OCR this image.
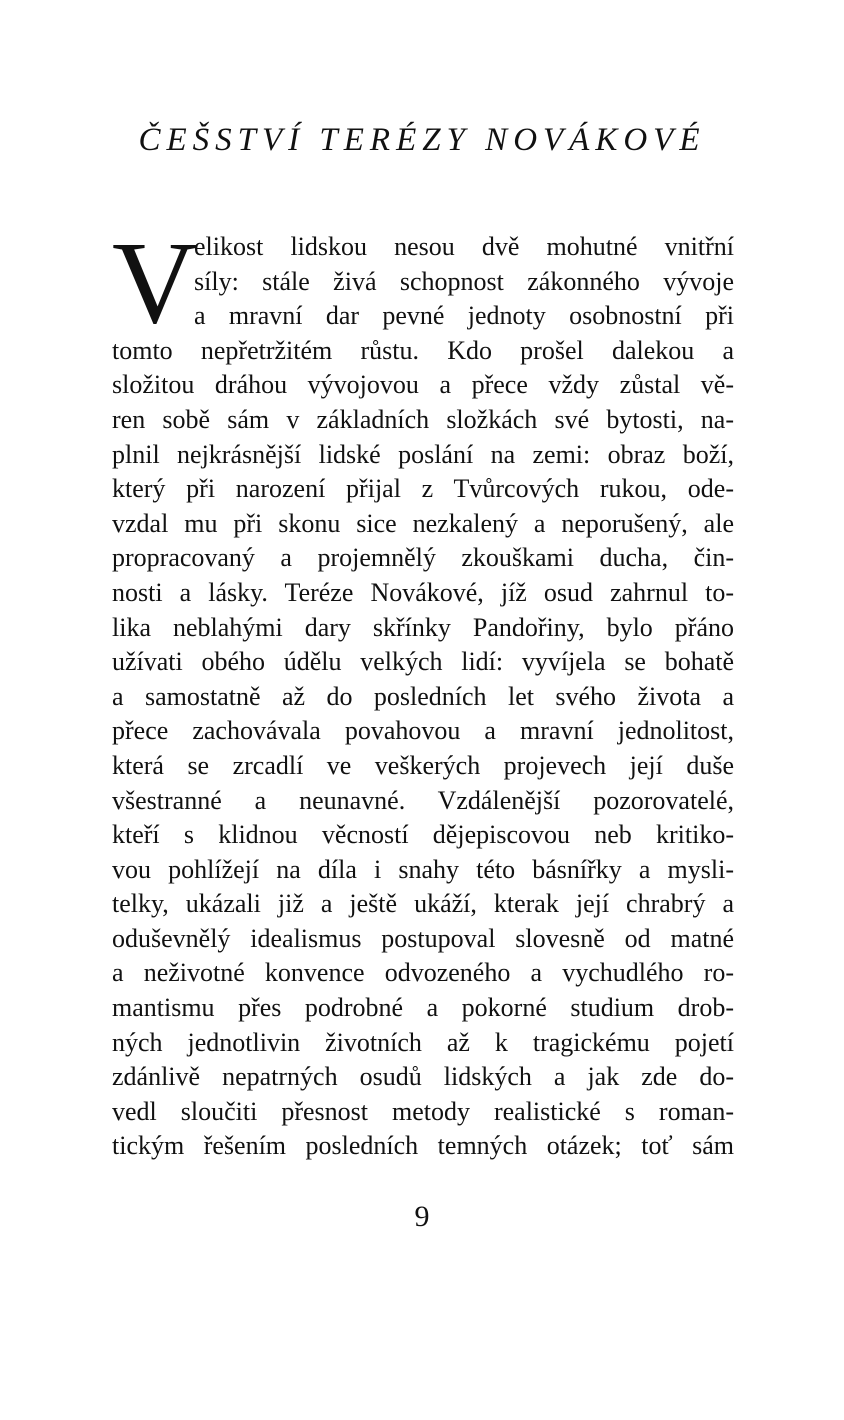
ČEŠSTVÍ TERÉZY NOVÁKOVÉ
V
elikost lidskou nesou dvě mohutné vnitřní
síly: stále živá schopnost zákonného vývoje
a mravní dar pevné jednoty osobnostní při
tomto nepřetržitém růstu. Kdo prošel dalekou a
složitou dráhou vývojovou a přece vždy zůstal vě-
ren sobě sám v základních složkách své bytosti, na-
plnil nejkrásnější lidské poslání na zemi: obraz boží,
který při narození přijal z Tvůrcových rukou, ode-
vzdal mu při skonu sice nezkalený a neporušený, ale
propracovaný a projemnělý zkouškami ducha, čin-
nosti a lásky. Teréze Novákové, jíž osud zahrnul to-
lika neblahými dary skřínky Pandořiny, bylo přáno
užívati obého údělu velkých lidí: vyvíjela se bohatě
a samostatně až do posledních let svého života a
přece zachovávala povahovou a mravní jednolitost,
která se zrcadlí ve veškerých projevech její duše
všestranné a neunavné. Vzdálenější pozorovatelé,
kteří s klidnou věcností dějepiscovou neb kritiko-
vou pohlížejí na díla i snahy této básnířky a mysli-
telky, ukázali již a ještě ukáží, kterak její chrabrý a
oduševnělý idealismus postupoval slovesně od matné
a neživotné konvence odvozeného a vychudlého ro-
mantismu přes podrobné a pokorné studium drob-
ných jednotlivin životních až k tragickému pojetí
zdánlivě nepatrných osudů lidských a jak zde do-
vedl sloučiti přesnost metody realistické s roman-
tickým řešením posledních temných otázek; toť sám
9
